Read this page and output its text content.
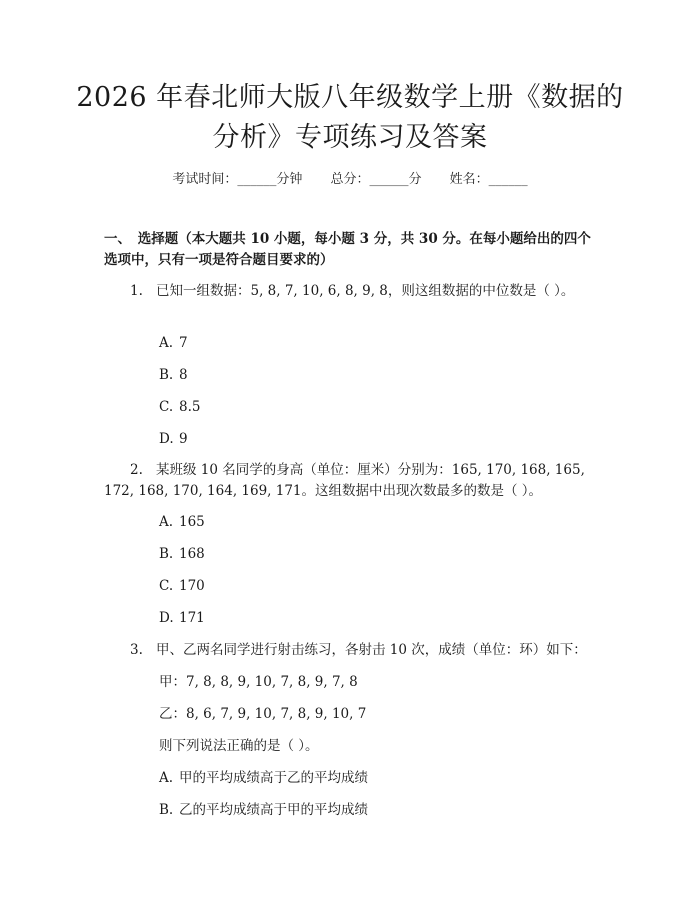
2026 年春北师大版八年级数学上册《数据的
分析》专项练习及答案
考试时间：______分钟 总分：______分 姓名：______
一、　选择题（本大题共 10 小题，每小题 3 分，共 30 分。在每小题给出的四个选项中，只有一项是符合题目要求的）
1. 已知一组数据：5, 8, 7, 10, 6, 8, 9, 8，则这组数据的中位数是（ ）。
A. 7
B. 8
C. 8.5
D. 9
2. 某班级 10 名同学的身高（单位：厘米）分别为：165, 170, 168, 165, 172, 168, 170, 164, 169, 171。这组数据中出现次数最多的数是（ ）。
A. 165
B. 168
C. 170
D. 171
3. 甲、乙两名同学进行射击练习，各射击 10 次，成绩（单位：环）如下：
甲：7, 8, 8, 9, 10, 7, 8, 9, 7, 8
乙：8, 6, 7, 9, 10, 7, 8, 9, 10, 7
则下列说法正确的是（ ）。
A. 甲的平均成绩高于乙的平均成绩
B. 乙的平均成绩高于甲的平均成绩
